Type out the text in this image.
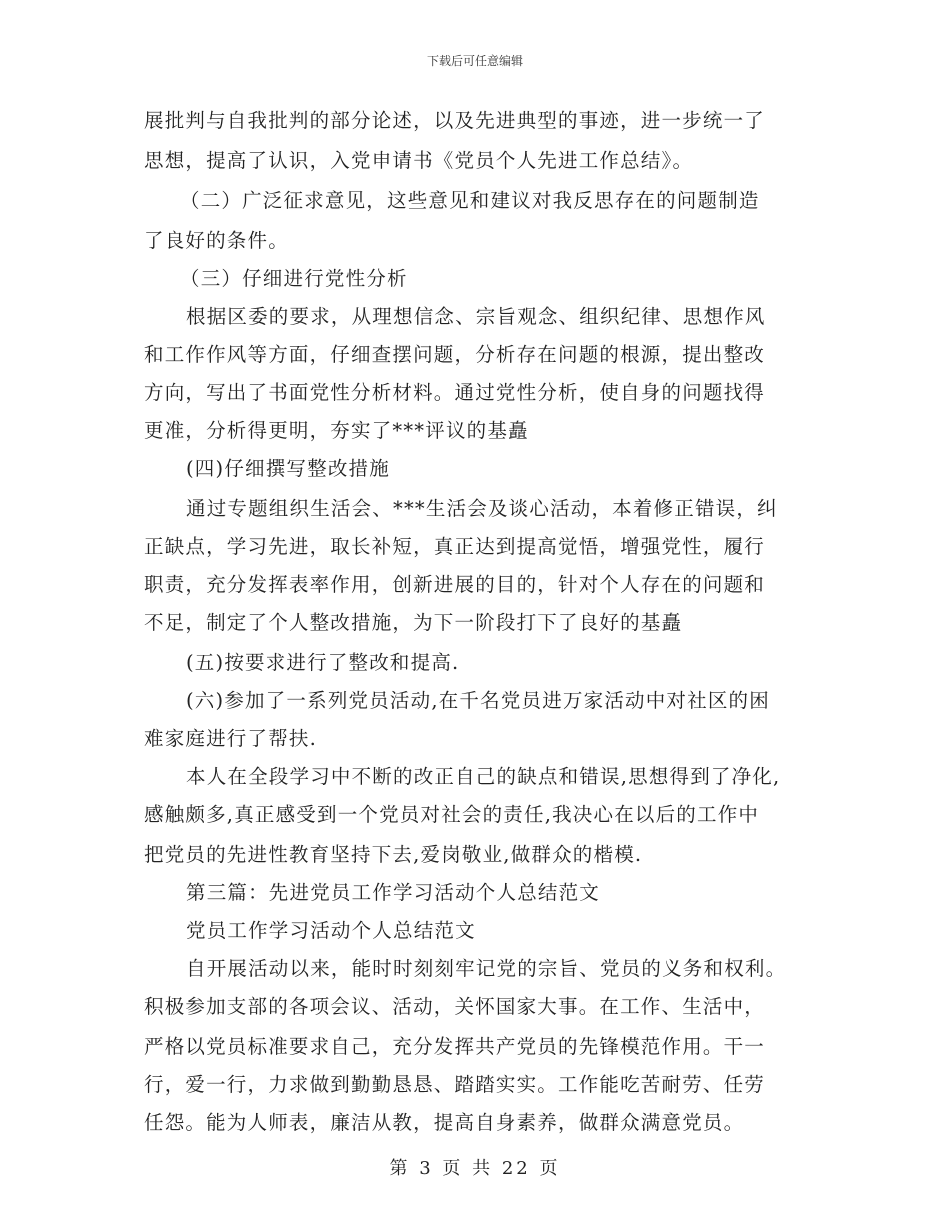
下载后可任意编辑
展批判与自我批判的部分论述，以及先进典型的事迹，进一步统一了
思想，提高了认识，入党申请书《党员个人先进工作总结》。
（二）广泛征求意见，这些意见和建议对我反思存在的问题制造
了良好的条件。
（三）仔细进行党性分析
根据区委的要求，从理想信念、宗旨观念、组织纪律、思想作风
和工作作风等方面，仔细查摆问题，分析存在问题的根源，提出整改
方向，写出了书面党性分析材料。通过党性分析，使自身的问题找得
更准，分析得更明，夯实了***评议的基矗
(四)仔细撰写整改措施
通过专题组织生活会、***生活会及谈心活动，本着修正错误，纠
正缺点，学习先进，取长补短，真正达到提高觉悟，增强党性，履行
职责，充分发挥表率作用，创新进展的目的，针对个人存在的问题和
不足，制定了个人整改措施，为下一阶段打下了良好的基矗
(五)按要求进行了整改和提高.
(六)参加了一系列党员活动,在千名党员进万家活动中对社区的困
难家庭进行了帮扶.
本人在全段学习中不断的改正自己的缺点和错误,思想得到了净化,
感触颇多,真正感受到一个党员对社会的责任,我决心在以后的工作中
把党员的先进性教育坚持下去,爱岗敬业,做群众的楷模.
第三篇：先进党员工作学习活动个人总结范文
党员工作学习活动个人总结范文
自开展活动以来，能时时刻刻牢记党的宗旨、党员的义务和权利。
积极参加支部的各项会议、活动，关怀国家大事。在工作、生活中，
严格以党员标准要求自己，充分发挥共产党员的先锋模范作用。干一
行，爱一行，力求做到勤勤恳恳、踏踏实实。工作能吃苦耐劳、任劳
任怨。能为人师表，廉洁从教，提高自身素养，做群众满意党员。
第 3 页 共 22 页
